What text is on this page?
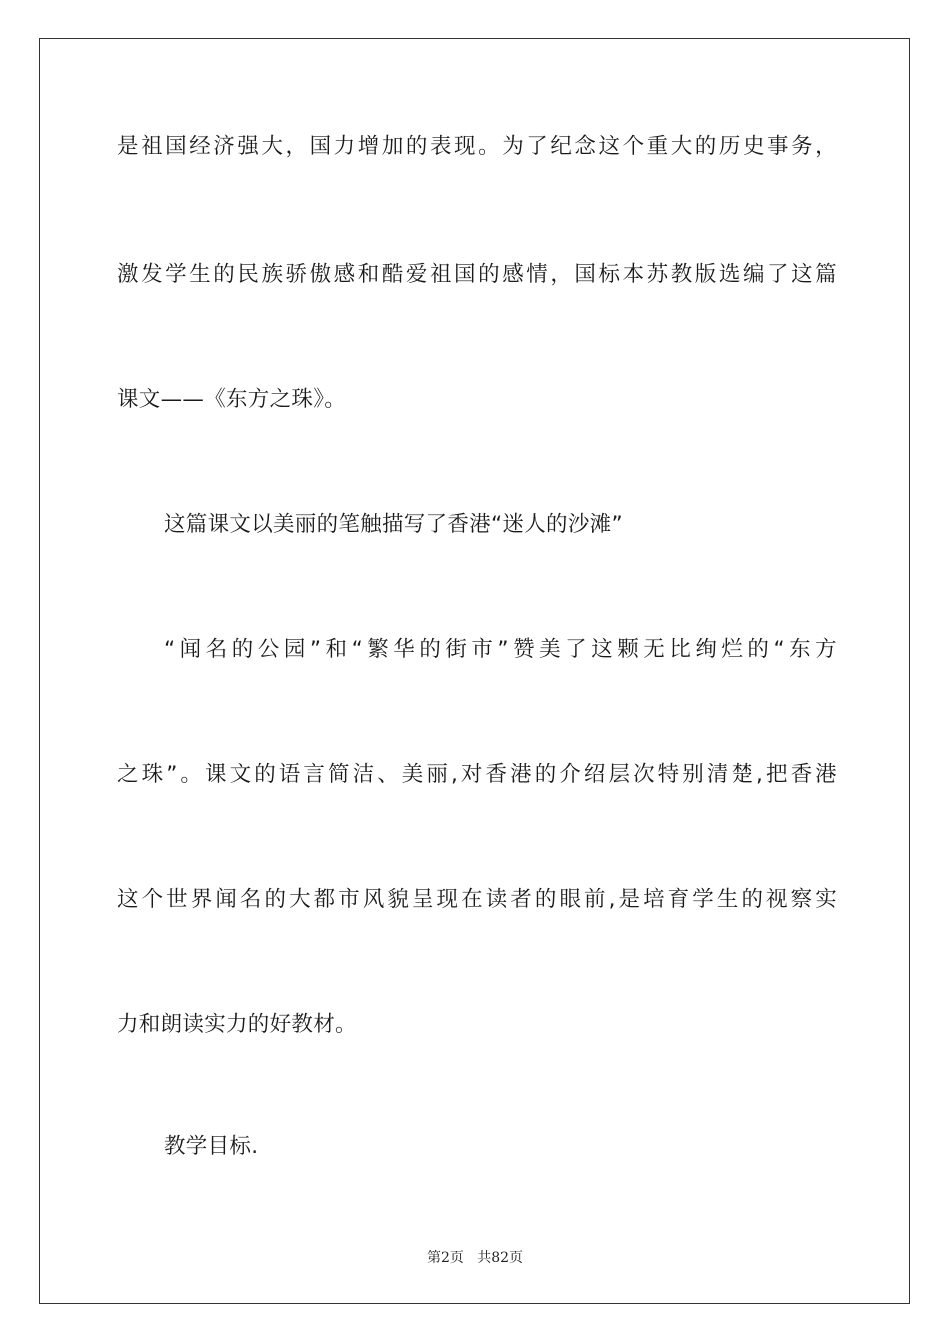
是祖国经济强大，国力增加的表现。为了纪念这个重大的历史事务，
激发学生的民族骄傲感和酷爱祖国的感情，国标本苏教版选编了这篇
课文——《东方之珠》。
这篇课文以美丽的笔触描写了香港“迷人的沙滩”
“闻名的公园”和“繁华的街市”赞美了这颗无比绚烂的“东方
之珠”。课文的语言简洁、美丽,对香港的介绍层次特别清楚,把香港
这个世界闻名的大都市风貌呈现在读者的眼前,是培育学生的视察实
力和朗读实力的好教材。
教学目标.
第2页   共82页
